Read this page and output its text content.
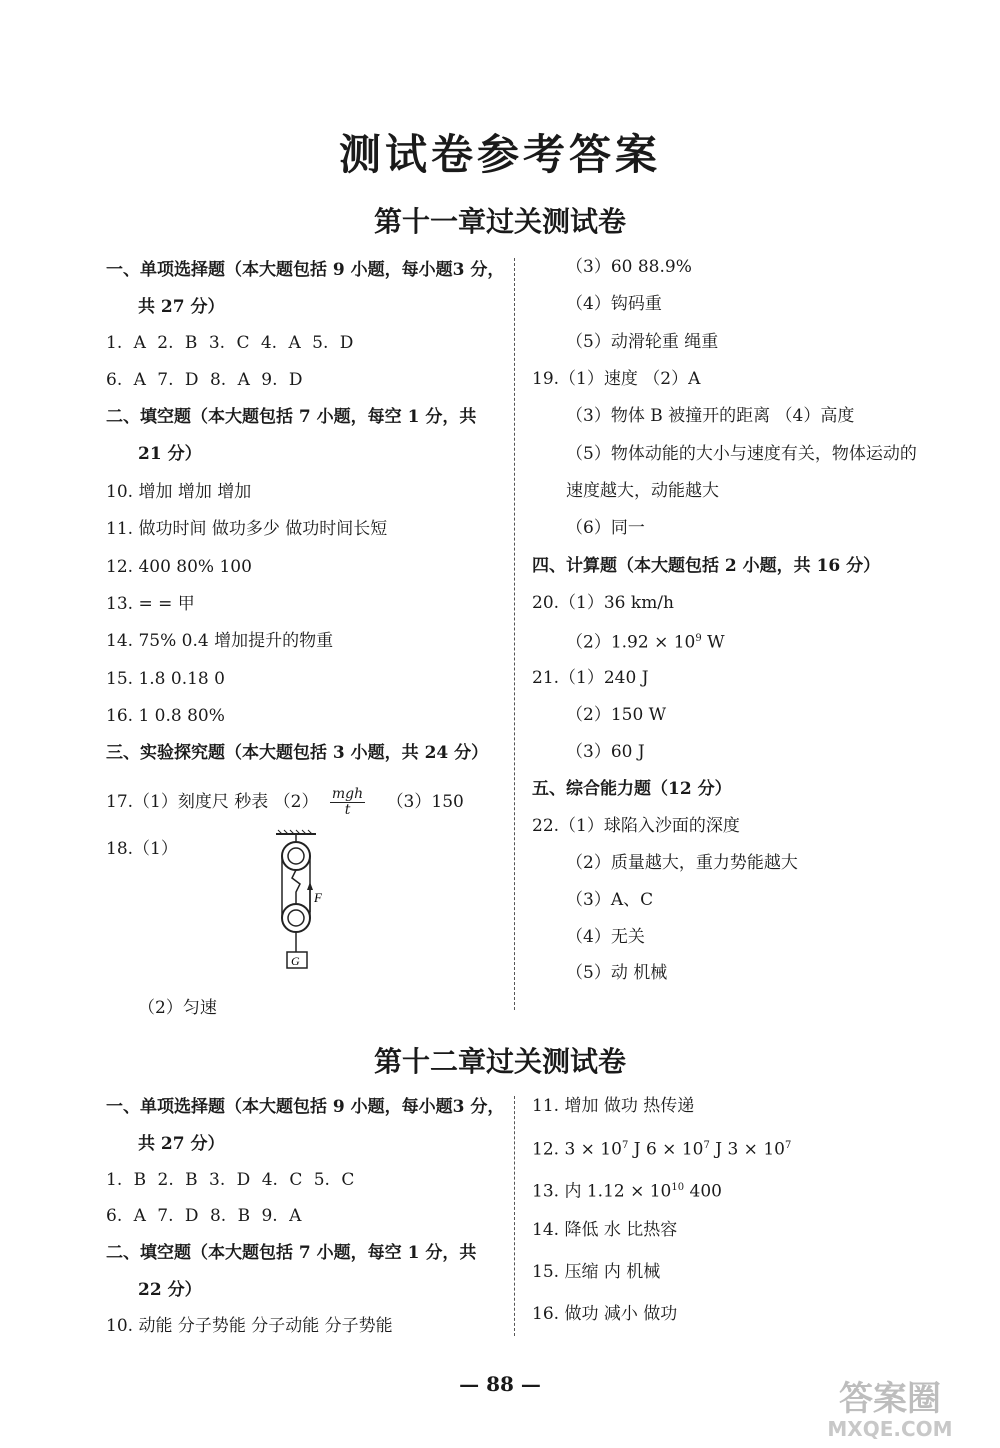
测试卷参考答案
第十一章过关测试卷
一、单项选择题（本大题包括 9 小题，每小题3 分，
共 27 分）
1. A 2. B 3. C 4. A 5. D
6. A 7. D 8. A 9. D
二、填空题（本大题包括 7 小题，每空 1 分，共
21 分）
10. 增加 增加 增加
11. 做功时间 做功多少 做功时间长短
12. 400 80% 100
13. = = 甲
14. 75% 0.4 增加提升的物重
15. 1.8 0.18 0
16. 1 0.8 80%
三、实验探究题（本大题包括 3 小题，共 24 分）
17.（1）刻度尺 秒表 $(2) \frac{\text{mgh}}{t} (3)150$
18.（1）
F
G
（2）匀速
（3）60 88.9%
（4）钩码重
（5）动滑轮重 绳重
19.（1）速度 （2）A
（3）物体 B 被撞开的距离 （4）高度
（5）物体动能的大小与速度有关，物体运动的
速度越大，动能越大
（6）同一
四、计算题（本大题包括 2 小题，共 16 分）
20.（1）36 km/h
$(2)1.92 \times 10^9$ W
21.（1）240 J
（2）150 W
（3）60 J
五、综合能力题（12 分）
22.（1）球陷入沙面的深度
（2）质量越大，重力势能越大
（3）A、C
（4）无关
（5）动 机械
第十二章过关测试卷
一、单项选择题（本大题包括 9 小题，每小题3 分，
共 27 分）
1. B 2. B 3. D 4. C 5. C
6. A 7. D 8. B 9. A
二、填空题（本大题包括 7 小题，每空 1 分，共
22 分）
10. 动能 分子势能 分子动能 分子势能
11. 增加 做功 热传递
12. $3 \times 10^7$ J $6 \times 10^7$ J $3 \times 10^7$
13. 内 $1.12 \times 10^{10}$ 400
14. 降低 水 比热容
15. 压缩 内 机械
16. 做功 减小 做功
— 88 —	答案圈
MXQE.COM
